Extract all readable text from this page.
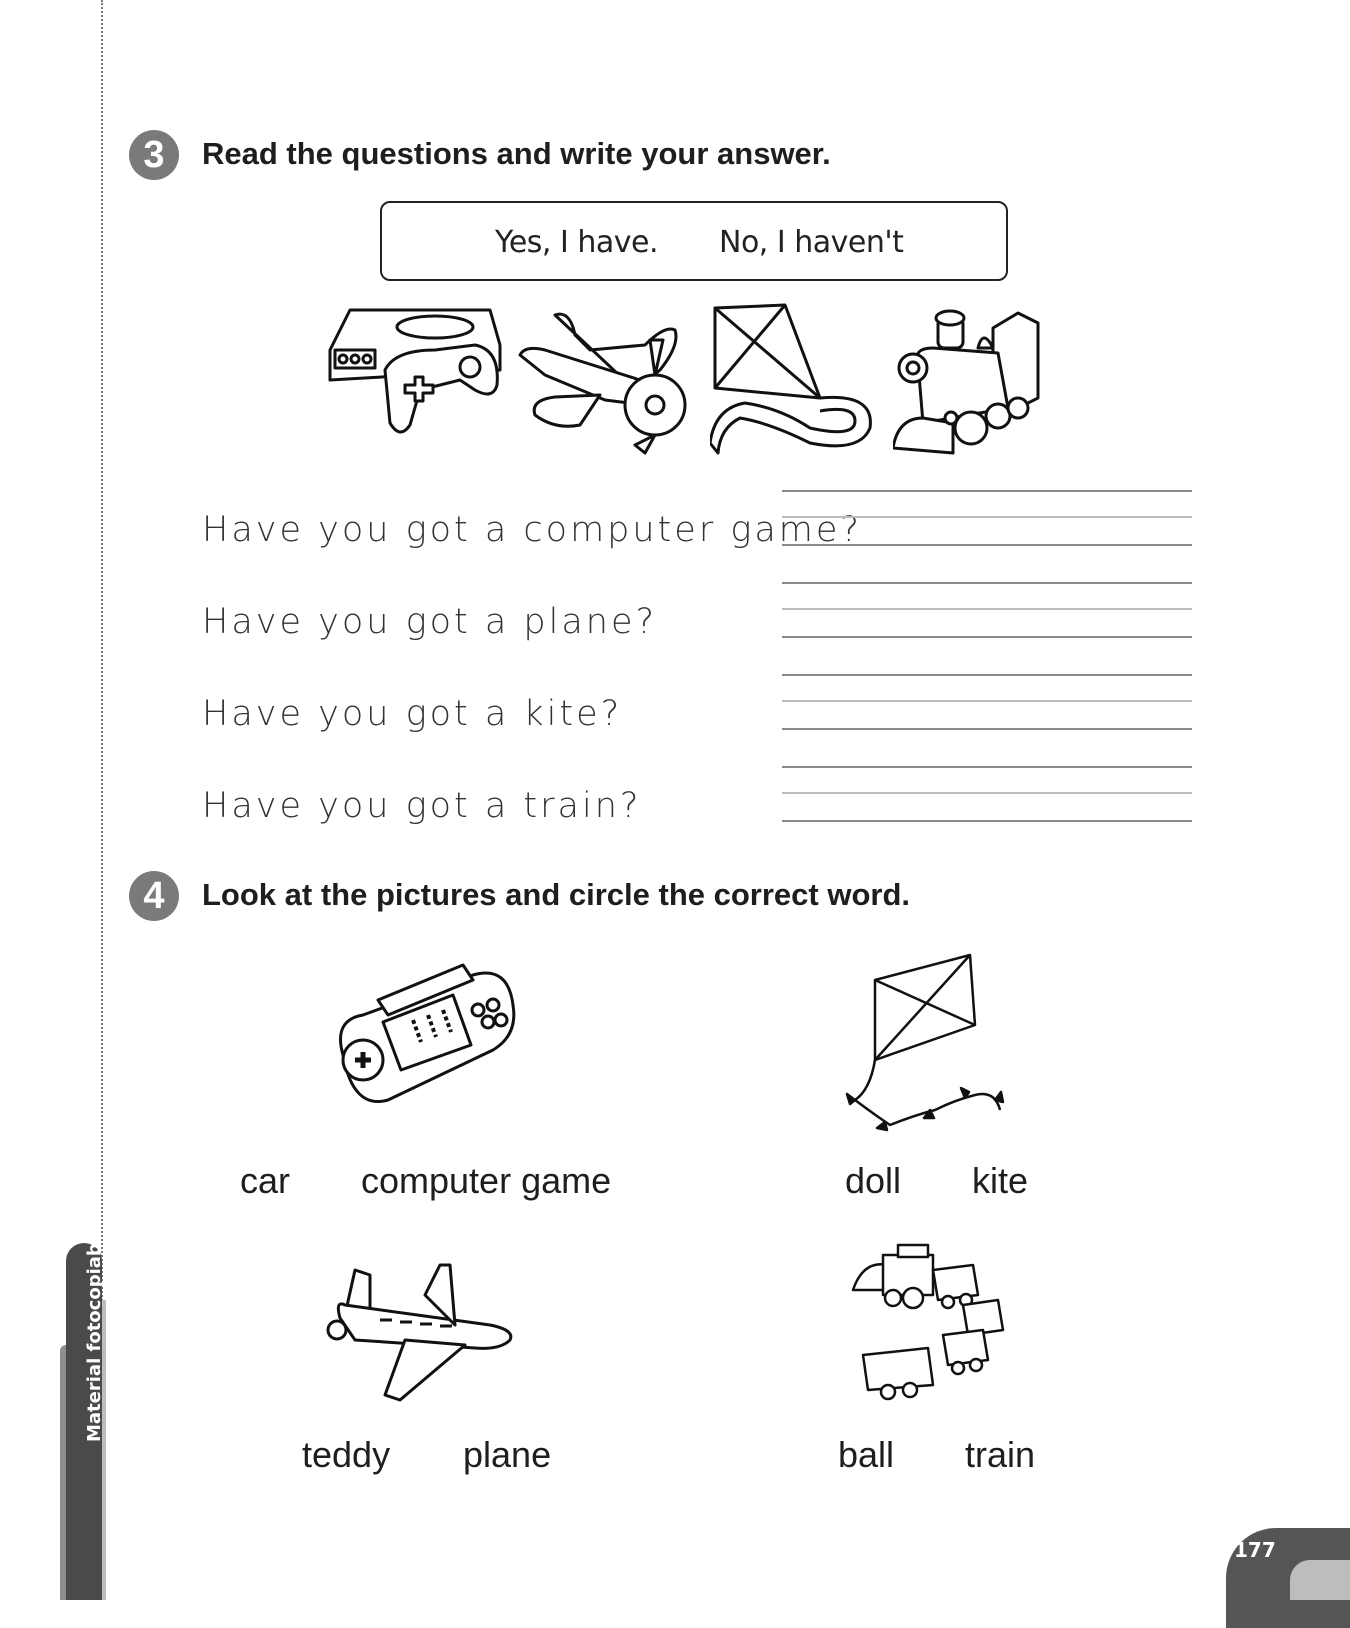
Material fotocopiable
3	Read the questions and write your answer.
Yes, I have. No, I haven't
Have you got a computer game?
Have you got a plane?
Have you got a kite?
Have you got a train?
4	Look at the pictures and circle the correct word.
car computer game	doll kite
teddy plane	ball train
177
